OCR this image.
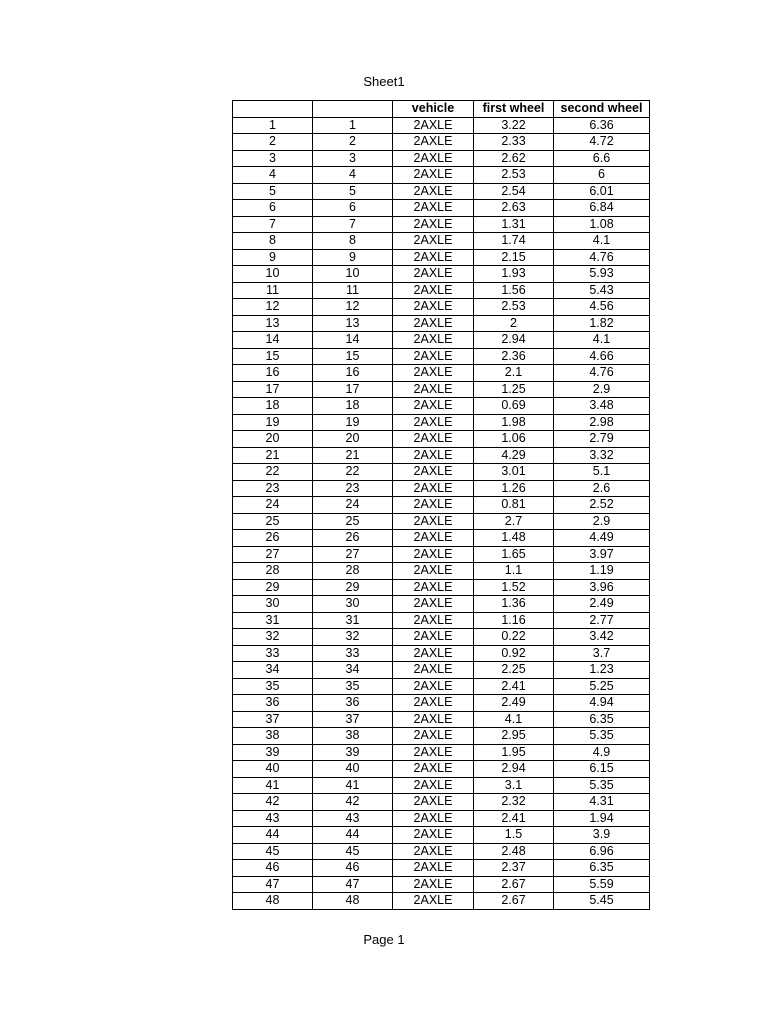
Sheet1
		vehicle	first wheel	second wheel
1	1	2AXLE	3.22	6.36
2	2	2AXLE	2.33	4.72
3	3	2AXLE	2.62	6.6
4	4	2AXLE	2.53	6
5	5	2AXLE	2.54	6.01
6	6	2AXLE	2.63	6.84
7	7	2AXLE	1.31	1.08
8	8	2AXLE	1.74	4.1
9	9	2AXLE	2.15	4.76
10	10	2AXLE	1.93	5.93
11	11	2AXLE	1.56	5.43
12	12	2AXLE	2.53	4.56
13	13	2AXLE	2	1.82
14	14	2AXLE	2.94	4.1
15	15	2AXLE	2.36	4.66
16	16	2AXLE	2.1	4.76
17	17	2AXLE	1.25	2.9
18	18	2AXLE	0.69	3.48
19	19	2AXLE	1.98	2.98
20	20	2AXLE	1.06	2.79
21	21	2AXLE	4.29	3.32
22	22	2AXLE	3.01	5.1
23	23	2AXLE	1.26	2.6
24	24	2AXLE	0.81	2.52
25	25	2AXLE	2.7	2.9
26	26	2AXLE	1.48	4.49
27	27	2AXLE	1.65	3.97
28	28	2AXLE	1.1	1.19
29	29	2AXLE	1.52	3.96
30	30	2AXLE	1.36	2.49
31	31	2AXLE	1.16	2.77
32	32	2AXLE	0.22	3.42
33	33	2AXLE	0.92	3.7
34	34	2AXLE	2.25	1.23
35	35	2AXLE	2.41	5.25
36	36	2AXLE	2.49	4.94
37	37	2AXLE	4.1	6.35
38	38	2AXLE	2.95	5.35
39	39	2AXLE	1.95	4.9
40	40	2AXLE	2.94	6.15
41	41	2AXLE	3.1	5.35
42	42	2AXLE	2.32	4.31
43	43	2AXLE	2.41	1.94
44	44	2AXLE	1.5	3.9
45	45	2AXLE	2.48	6.96
46	46	2AXLE	2.37	6.35
47	47	2AXLE	2.67	5.59
48	48	2AXLE	2.67	5.45
Page 1
